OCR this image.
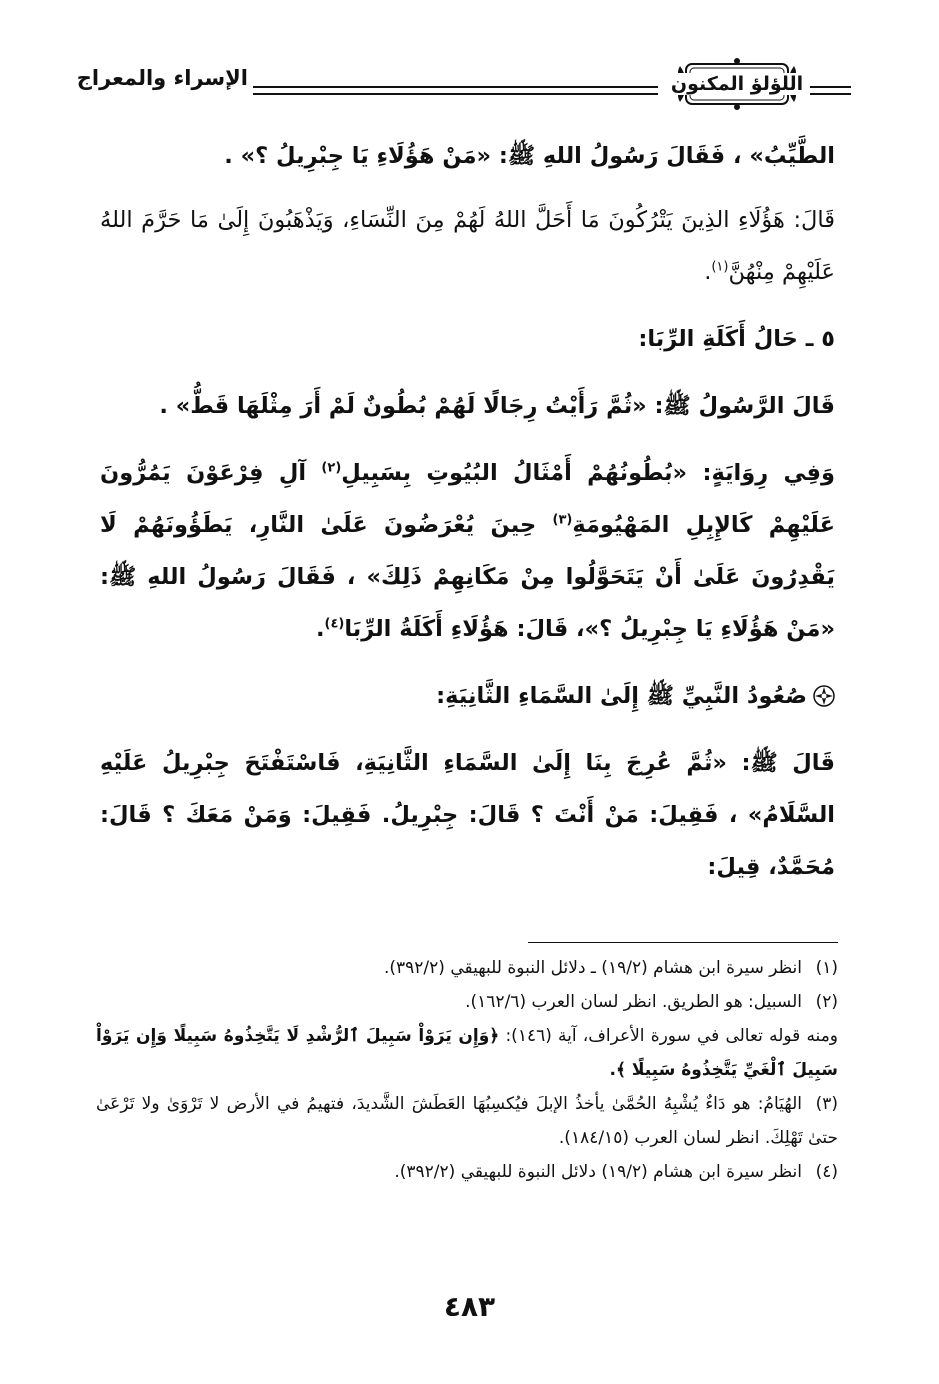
الإسراء والمعراج	اللؤلؤ المكنون

الطَّيِّبُ» ، فَقَالَ رَسُولُ اللهِ ﷺ: «مَنْ هَؤُلَاءِ يَا جِبْرِيلُ ؟» .

قَالَ: هَؤُلَاءِ الذِينَ يَتْرُكُونَ مَا أَحَلَّ اللهُ لَهُمْ مِنَ النِّسَاءِ، وَيَذْهَبُونَ إِلَىٰ مَا حَرَّمَ اللهُ عَلَيْهِمْ مِنْهُنَّ$^{(١)}$.

٥ ـ حَالُ أَكَلَةِ الرِّبَا:

قَالَ الرَّسُولُ ﷺ: «ثُمَّ رَأَيْتُ رِجَالًا لَهُمْ بُطُونٌ لَمْ أَرَ مِثْلَهَا قَطُّ» .

وَفِي رِوَايَةٍ: «بُطُونُهُمْ أَمْثَالُ البُيُوتِ بِسَبِيلِ$^{(٢)}$ آلِ فِرْعَوْنَ يَمُرُّونَ عَلَيْهِمْ كَالإِبِلِ المَهْيُومَةِ$^{(٣)}$ حِينَ يُعْرَضُونَ عَلَىٰ النَّارِ، يَطَؤُونَهُمْ لَا يَقْدِرُونَ عَلَىٰ أَنْ يَتَحَوَّلُوا مِنْ مَكَانِهِمْ ذَلِكَ» ، فَقَالَ رَسُولُ اللهِ ﷺ: «مَنْ هَؤُلَاءِ يَا جِبْرِيلُ ؟»، قَالَ: هَؤُلَاءِ أَكَلَةُ الرِّبَا$^{(٤)}$.

صُعُودُ النَّبِيِّ ﷺ إِلَىٰ السَّمَاءِ الثَّانِيَةِ:

قَالَ ﷺ: «ثُمَّ عُرِجَ بِنَا إِلَىٰ السَّمَاءِ الثَّانِيَةِ، فَاسْتَفْتَحَ جِبْرِيلُ عَلَيْهِ السَّلَامُ» ، فَقِيلَ: مَنْ أَنْتَ ؟ قَالَ: جِبْرِيلُ. فَقِيلَ: وَمَنْ مَعَكَ ؟ قَالَ: مُحَمَّدٌ، قِيلَ:

(١)انظر سيرة ابن هشام (١٩/٢) ـ دلائل النبوة للبهيقي (٣٩٢/٢).

(٢)السبيل: هو الطريق. انظر لسان العرب (١٦٢/٦).

ومنه قوله تعالى في سورة الأعراف، آية (١٤٦): ﴿وَإِن يَرَوْاْ سَبِيلَ ٱلرُّشْدِ لَا يَتَّخِذُوهُ سَبِيلًا وَإِن يَرَوْاْ سَبِيلَ ٱلْغَيِّ يَتَّخِذُوهُ سَبِيلًا ﴾.

(٣)الهُيَامُ: هو دَاءٌ يُشْبِهُ الحُمَّىٰ يأخذُ الإبلَ فيُكسِبُهَا العَطَشَ الشَّديدَ، فتهيمُ في الأرض لا تَرْوَىٰ ولا تَرْعَىٰ حتىٰ تَهْلِكَ. انظر لسان العرب (١٨٤/١٥).

(٤)انظر سيرة ابن هشام (١٩/٢) دلائل النبوة للبهيقي (٣٩٢/٢).

٤٨٣
